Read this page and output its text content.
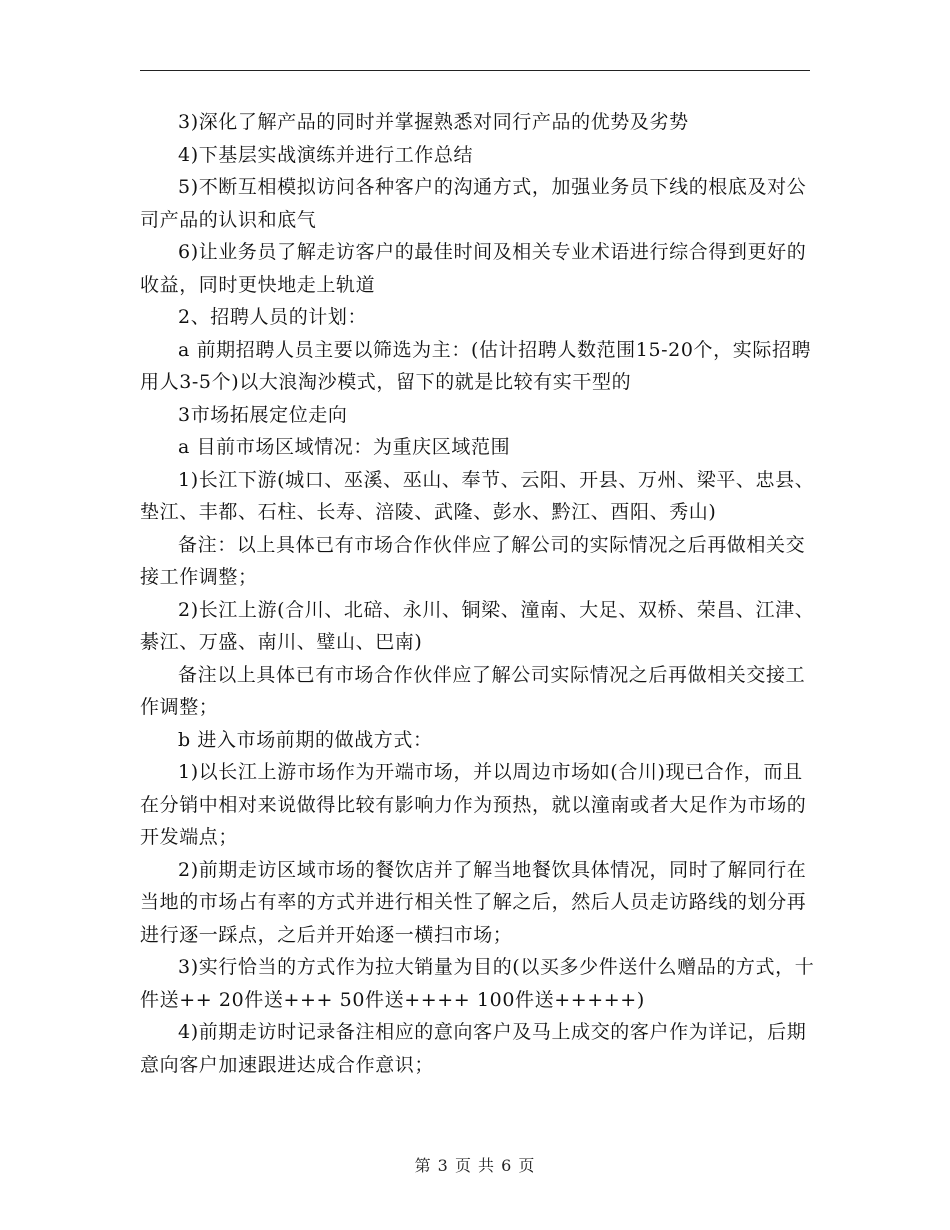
3)深化了解产品的同时并掌握熟悉对同行产品的优势及劣势

4)下基层实战演练并进行工作总结

5)不断互相模拟访问各种客户的沟通方式，加强业务员下线的根底及对公司产品的认识和底气

6)让业务员了解走访客户的最佳时间及相关专业术语进行综合得到更好的收益，同时更快地走上轨道

2、招聘人员的计划：

a 前期招聘人员主要以筛选为主：(估计招聘人数范围15-20个，实际招聘用人3-5个)以大浪淘沙模式，留下的就是比较有实干型的

3市场拓展定位走向

a 目前市场区域情况：为重庆区域范围

1)长江下游(城口、巫溪、巫山、奉节、云阳、开县、万州、梁平、忠县、垫江、丰都、石柱、长寿、涪陵、武隆、彭水、黔江、酉阳、秀山)

备注：以上具体已有市场合作伙伴应了解公司的实际情况之后再做相关交接工作调整；

2)长江上游(合川、北碚、永川、铜梁、潼南、大足、双桥、荣昌、江津、綦江、万盛、南川、璧山、巴南)

备注以上具体已有市场合作伙伴应了解公司实际情况之后再做相关交接工作调整；

b 进入市场前期的做战方式：

1)以长江上游市场作为开端市场，并以周边市场如(合川)现已合作，而且在分销中相对来说做得比较有影响力作为预热，就以潼南或者大足作为市场的开发端点；

2)前期走访区域市场的餐饮店并了解当地餐饮具体情况，同时了解同行在当地的市场占有率的方式并进行相关性了解之后，然后人员走访路线的划分再进行逐一踩点，之后并开始逐一横扫市场；

3)实行恰当的方式作为拉大销量为目的(以买多少件送什么赠品的方式，十件送++ 20件送+++ 50件送++++ 100件送+++++)

4)前期走访时记录备注相应的意向客户及马上成交的客户作为详记，后期意向客户加速跟进达成合作意识；

第 3 页 共 6 页
